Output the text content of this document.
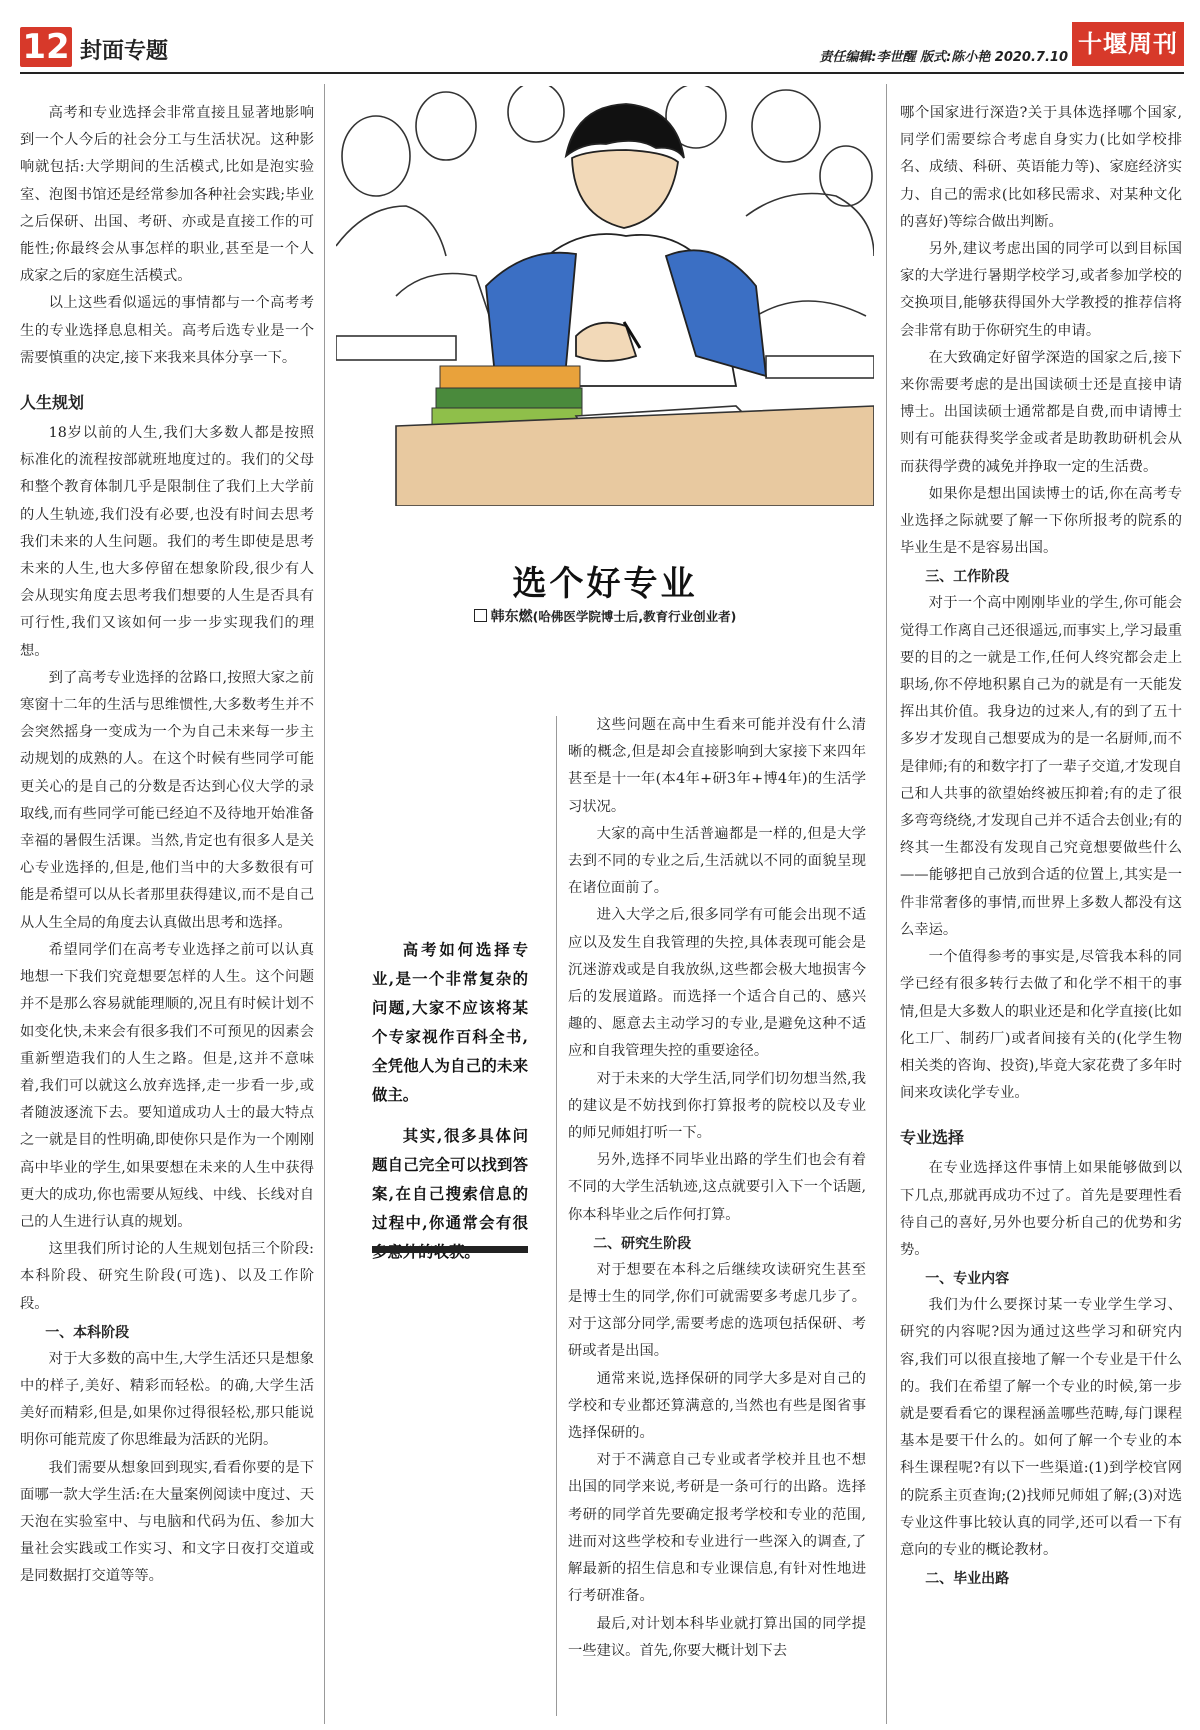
12 封面专题	责任编辑:李世醒 版式:陈小艳 2020.7.10 十堰周刊

高考和专业选择会非常直接且显著地影响到一个人今后的社会分工与生活状况。这种影响就包括:大学期间的生活模式,比如是泡实验室、泡图书馆还是经常参加各种社会实践;毕业之后保研、出国、考研、亦或是直接工作的可能性;你最终会从事怎样的职业,甚至是一个人成家之后的家庭生活模式。

以上这些看似遥远的事情都与一个高考考生的专业选择息息相关。高考后选专业是一个需要慎重的决定,接下来我来具体分享一下。

人生规划

18岁以前的人生,我们大多数人都是按照标准化的流程按部就班地度过的。我们的父母和整个教育体制几乎是限制住了我们上大学前的人生轨迹,我们没有必要,也没有时间去思考我们未来的人生问题。我们的考生即使是思考未来的人生,也大多停留在想象阶段,很少有人会从现实角度去思考我们想要的人生是否具有可行性,我们又该如何一步一步实现我们的理想。

到了高考专业选择的岔路口,按照大家之前寒窗十二年的生活与思维惯性,大多数考生并不会突然摇身一变成为一个为自己未来每一步主动规划的成熟的人。在这个时候有些同学可能更关心的是自己的分数是否达到心仪大学的录取线,而有些同学可能已经迫不及待地开始准备幸福的暑假生活课。当然,肯定也有很多人是关心专业选择的,但是,他们当中的大多数很有可能是希望可以从长者那里获得建议,而不是自己从人生全局的角度去认真做出思考和选择。

希望同学们在高考专业选择之前可以认真地想一下我们究竟想要怎样的人生。这个问题并不是那么容易就能理顺的,况且有时候计划不如变化快,未来会有很多我们不可预见的因素会重新塑造我们的人生之路。但是,这并不意味着,我们可以就这么放弃选择,走一步看一步,或者随波逐流下去。要知道成功人士的最大特点之一就是目的性明确,即使你只是作为一个刚刚高中毕业的学生,如果要想在未来的人生中获得更大的成功,你也需要从短线、中线、长线对自己的人生进行认真的规划。

这里我们所讨论的人生规划包括三个阶段:本科阶段、研究生阶段(可选)、以及工作阶段。

一、本科阶段

对于大多数的高中生,大学生活还只是想象中的样子,美好、精彩而轻松。的确,大学生活美好而精彩,但是,如果你过得很轻松,那只能说明你可能荒废了你思维最为活跃的光阴。

我们需要从想象回到现实,看看你要的是下面哪一款大学生活:在大量案例阅读中度过、天天泡在实验室中、与电脑和代码为伍、参加大量社会实践或工作实习、和文字日夜打交道或是同数据打交道等等。

选个好专业
韩东燃(哈佛医学院博士后,教育行业创业者)

高考如何选择专业,是一个非常复杂的问题,大家不应该将某个专家视作百科全书,全凭他人为自己的未来做主。

其实,很多具体问题自己完全可以找到答案,在自己搜索信息的过程中,你通常会有很

这些问题在高中生看来可能并没有什么清晰的概念,但是却会直接影响到大家接下来四年甚至是十一年(本4年+研3年+博4年)的生活学习状况。

大家的高中生活普遍都是一样的,但是大学去到不同的专业之后,生活就以不同的面貌呈现在诸位面前了。

进入大学之后,很多同学有可能会出现不适应以及发生自我管理的失控,具体表现可能会是沉迷游戏或是自我放纵,这些都会极大地损害今后的发展道路。而选择一个适合自己的、感兴趣的、愿意去主动学习的专业,是避免这种不适应和自我管理失控的重要途径。

对于未来的大学生活,同学们切勿想当然,我的建议是不妨找到你打算报考的院校以及专业的师兄师姐打听一下。

另外,选择不同毕业出路的学生们也会有着不同的大学生活轨迹,这点就要引入下一个话题,你本科毕业之后作何打算。

二、研究生阶段

对于想要在本科之后继续攻读研究生甚至是博士生的同学,你们可就需要多考虑几步了。对于这部分同学,需要考虑的选项包括保研、考研或者是出国。

通常来说,选择保研的同学大多是对自己的学校和专业都还算满意的,当然也有些是图省事选择保研的。

对于不满意自己专业或者学校并且也不想出国的同学来说,考研是一条可行的出路。选择考研的同学首先要确定报考学校和专业的范围,进而对这些学校和专业进行一些深入的调查,了解最新的招生信息和专业课信息,有针对性地进行考研准备。

最后,对计划本科毕业就打算出国的同学提一些建议。首先,你要大概计划下去

哪个国家进行深造?关于具体选择哪个国家,同学们需要综合考虑自身实力(比如学校排名、成绩、科研、英语能力等)、家庭经济实力、自己的需求(比如移民需求、对某种文化的喜好)等综合做出判断。

另外,建议考虑出国的同学可以到目标国家的大学进行暑期学校学习,或者参加学校的交换项目,能够获得国外大学教授的推荐信将会非常有助于你研究生的申请。

在大致确定好留学深造的国家之后,接下来你需要考虑的是出国读硕士还是直接申请博士。出国读硕士通常都是自费,而申请博士则有可能获得奖学金或者是助教助研机会从而获得学费的减免并挣取一定的生活费。

如果你是想出国读博士的话,你在高考专业选择之际就要了解一下你所报考的院系的毕业生是不是容易出国。

三、工作阶段

对于一个高中刚刚毕业的学生,你可能会觉得工作离自己还很遥远,而事实上,学习最重要的目的之一就是工作,任何人终究都会走上职场,你不停地积累自己为的就是有一天能发挥出其价值。我身边的过来人,有的到了五十多岁才发现自己想要成为的是一名厨师,而不是律师;有的和数字打了一辈子交道,才发现自己和人共事的欲望始终被压抑着;有的走了很多弯弯绕绕,才发现自己并不适合去创业;有的终其一生都没有发现自己究竟想要做些什么——能够把自己放到合适的位置上,其实是一件非常奢侈的事情,而世界上多数人都没有这么幸运。

一个值得参考的事实是,尽管我本科的同学已经有很多转行去做了和化学不相干的事情,但是大多数人的职业还是和化学直接(比如化工厂、制药厂)或者间接有关的(化学生物相关类的咨询、投资),毕竟大家花费了多年时间来攻读化学专业。

专业选择

在专业选择这件事情上如果能够做到以下几点,那就再成功不过了。首先是要理性看待自己的喜好,另外也要分析自己的优势和劣势。

一、专业内容

我们为什么要探讨某一专业学生学习、研究的内容呢?因为通过这些学习和研究内容,我们可以很直接地了解一个专业是干什么的。我们在希望了解一个专业的时候,第一步就是要看看它的课程涵盖哪些范畴,每门课程基本是要干什么的。如何了解一个专业的本科生课程呢?有以下一些渠道:(1)到学校官网的院系主页查询;(2)找师兄师姐了解;(3)对选专业这件事比较认真的同学,还可以看一下有意向的专业的概论教材。

二、毕业出路
